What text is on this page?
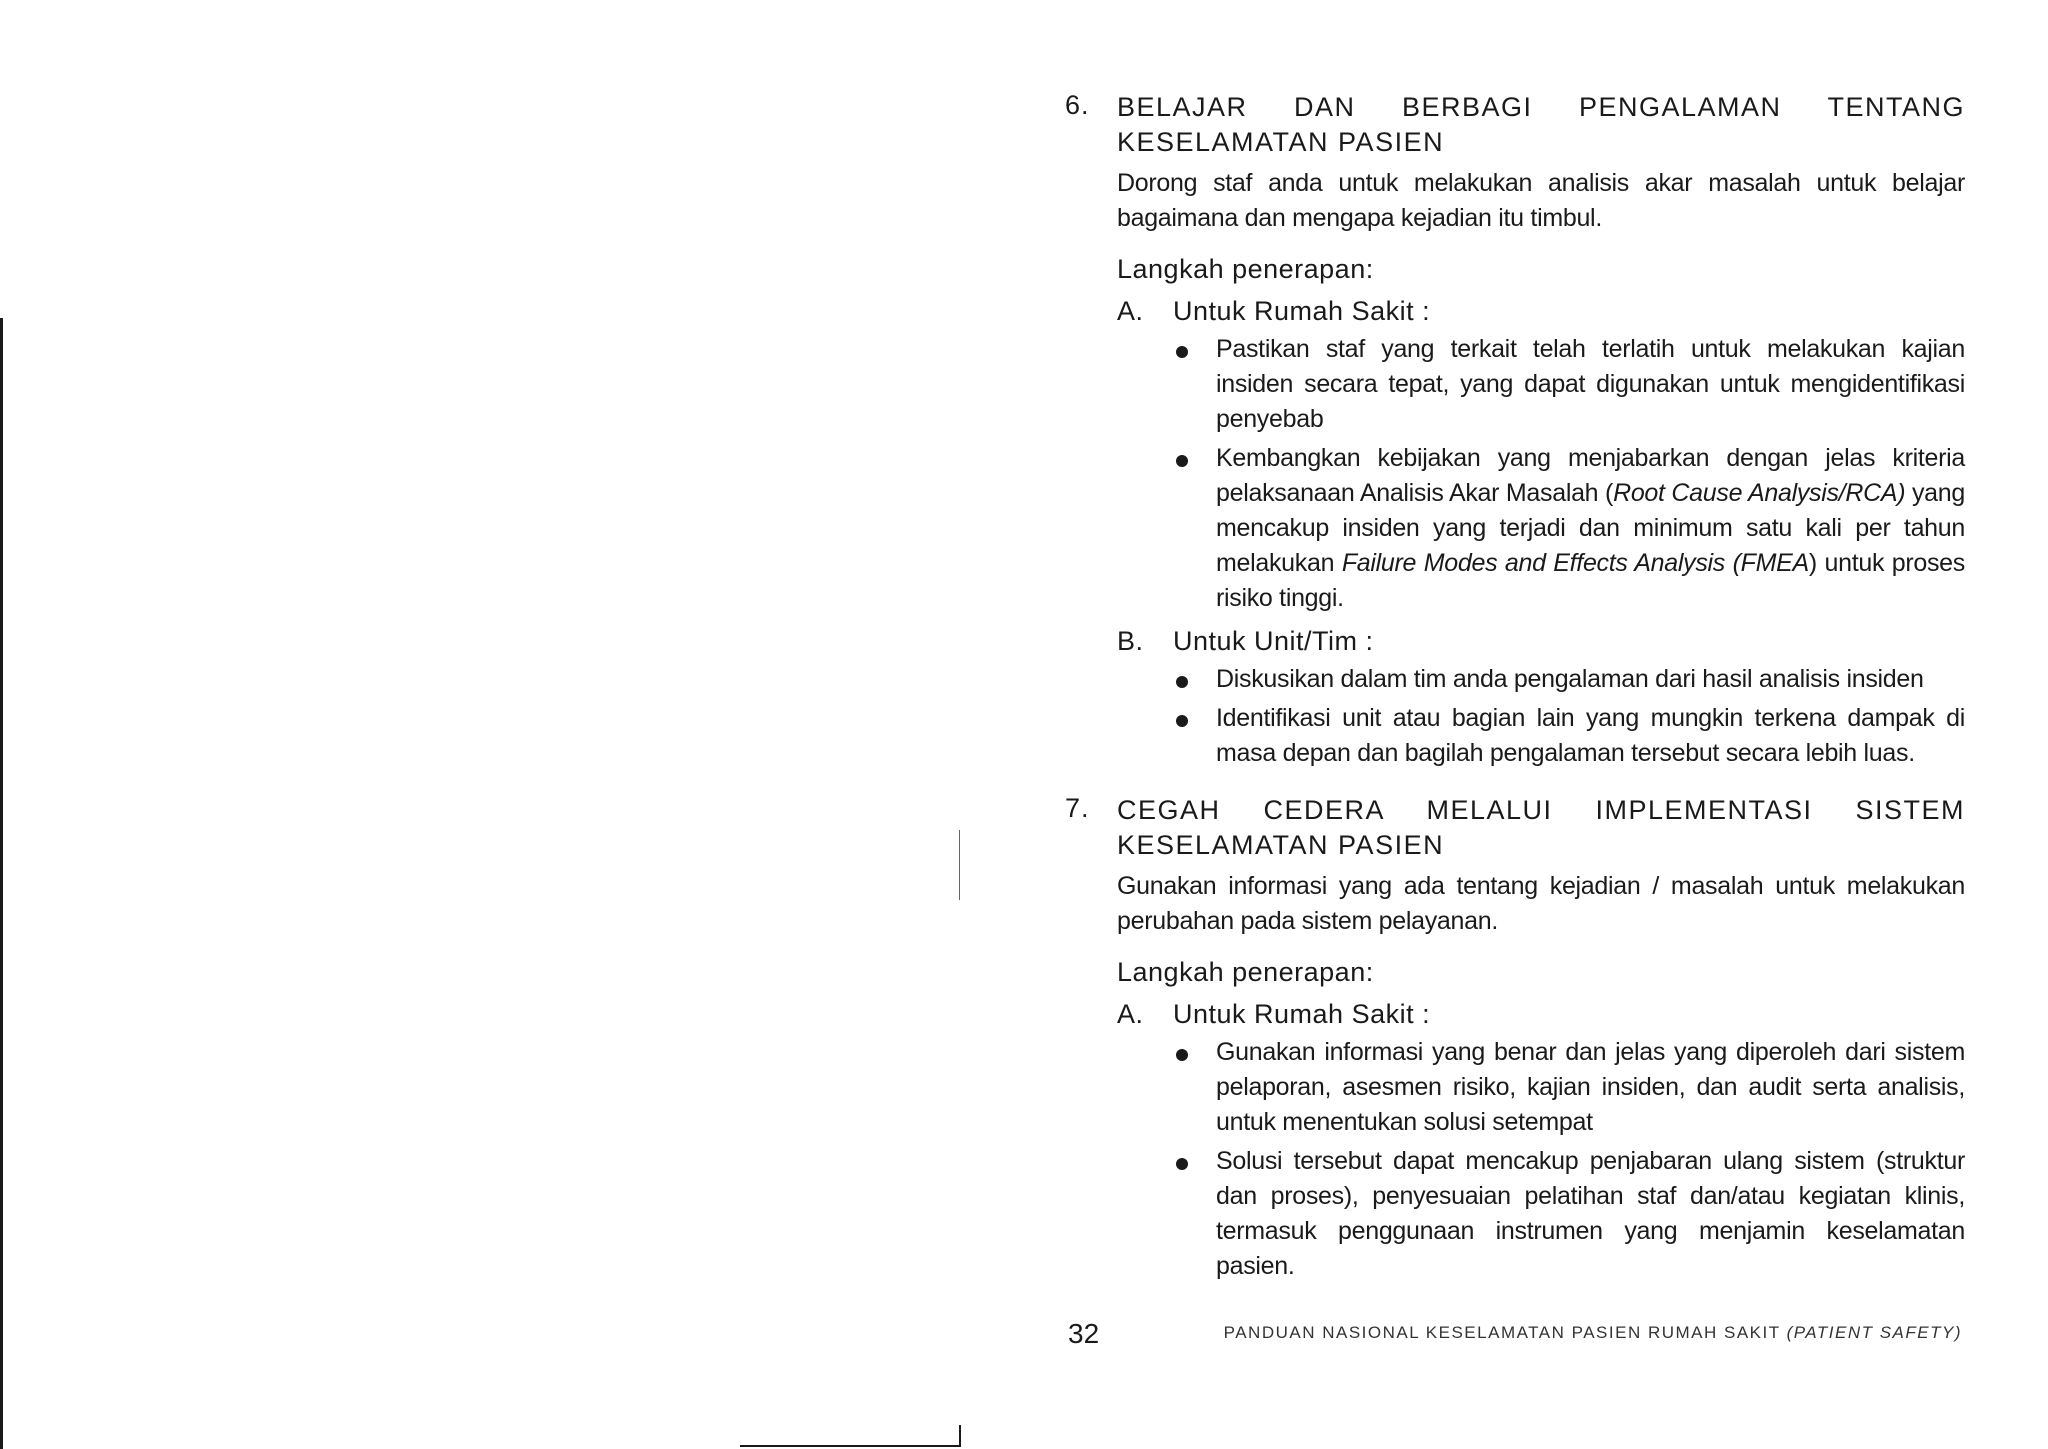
6.	BELAJAR DAN BERBAGI PENGALAMAN TENTANG KESELAMATAN PASIEN
Dorong staf anda untuk melakukan analisis akar masalah untuk belajar bagaimana dan mengapa kejadian itu timbul.
Langkah penerapan:
A.	Untuk Rumah Sakit :
Pastikan staf yang terkait telah terlatih untuk melakukan kajian insiden secara tepat, yang dapat digunakan untuk mengidentifikasi penyebab
Kembangkan kebijakan yang menjabarkan dengan jelas kriteria pelaksanaan Analisis Akar Masalah (Root Cause Analysis/RCA) yang mencakup insiden yang terjadi dan minimum satu kali per tahun melakukan Failure Modes and Effects Analysis (FMEA) untuk proses risiko tinggi.
B.	Untuk Unit/Tim :
Diskusikan dalam tim anda pengalaman dari hasil analisis insiden
Identifikasi unit atau bagian lain yang mungkin terkena dampak di masa depan dan bagilah pengalaman tersebut secara lebih luas.
7.	CEGAH CEDERA MELALUI IMPLEMENTASI SISTEM KESELAMATAN PASIEN
Gunakan informasi yang ada tentang kejadian / masalah untuk melakukan perubahan pada sistem pelayanan.
Langkah penerapan:
A.	Untuk Rumah Sakit :
Gunakan informasi yang benar dan jelas yang diperoleh dari sistem pelaporan, asesmen risiko, kajian insiden, dan audit serta analisis, untuk menentukan solusi setempat
Solusi tersebut dapat mencakup penjabaran ulang sistem (struktur dan proses), penyesuaian pelatihan staf dan/atau kegiatan klinis, termasuk penggunaan instrumen yang menjamin keselamatan pasien.
32	PANDUAN NASIONAL KESELAMATAN PASIEN RUMAH SAKIT (PATIENT SAFETY)
